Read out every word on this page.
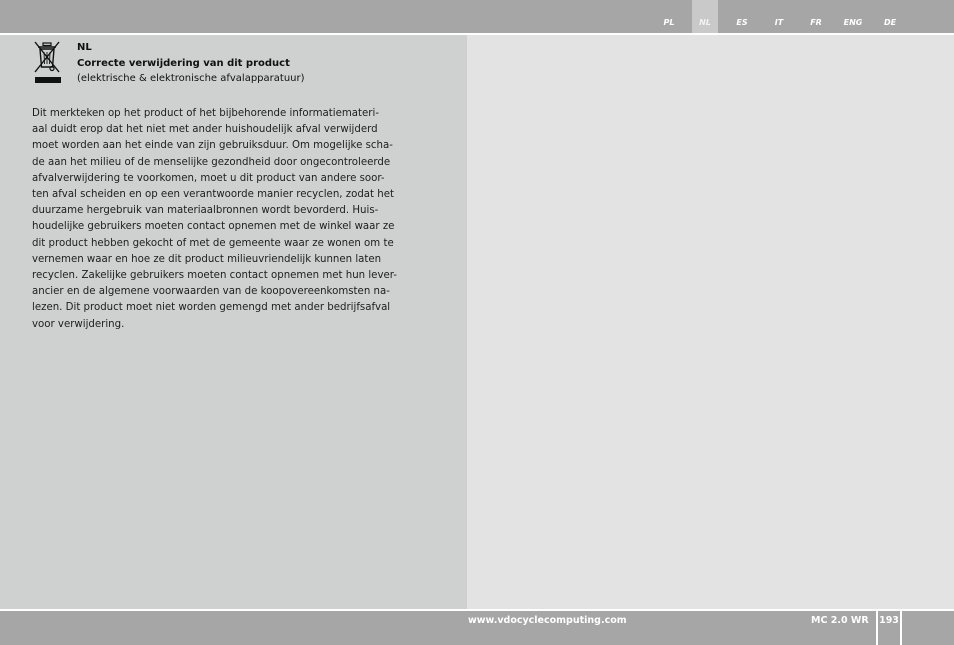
PL	NL	ES	IT	FR	ENG	DE
NL
Correcte verwijdering van dit product
(elektrische & elektronische afvalapparatuur)
Dit merkteken op het product of het bijbehorende informatiemateri-
aal duidt erop dat het niet met ander huishoudelijk afval verwijderd
moet worden aan het einde van zijn gebruiksduur. Om mogelijke scha-
de aan het milieu of de menselijke gezondheid door ongecontroleerde
afvalverwijdering te voorkomen, moet u dit product van andere soor-
ten afval scheiden en op een verantwoorde manier recyclen, zodat het
duurzame hergebruik van materiaalbronnen wordt bevorderd. Huis-
houdelijke gebruikers moeten contact opnemen met de winkel waar ze
dit product hebben gekocht of met de gemeente waar ze wonen om te
vernemen waar en hoe ze dit product milieuvriendelijk kunnen laten
recyclen. Zakelijke gebruikers moeten contact opnemen met hun lever-
ancier en de algemene voorwaarden van de koopovereenkomsten na-
lezen. Dit product moet niet worden gemengd met ander bedrijfsafval
voor verwijdering.
www.vdocyclecomputing.com	MC 2.0 WR 193
